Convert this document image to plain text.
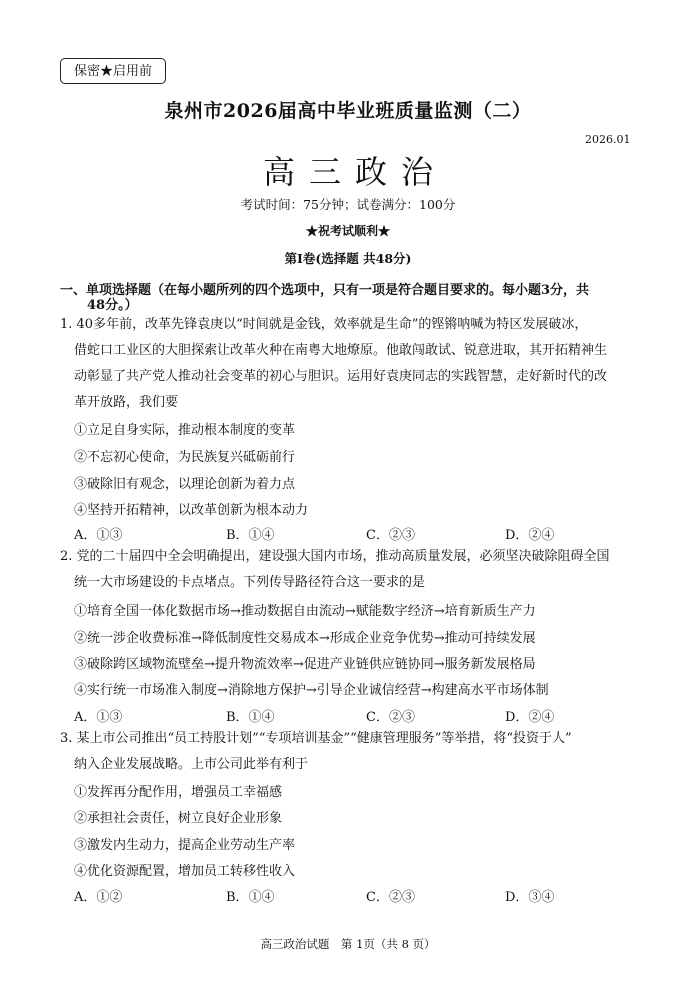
保密★启用前
泉州市2026届高中毕业班质量监测（二）
2026.01
高三政治
考试时间：75分钟；试卷满分：100分
★祝考试顺利★
第Ⅰ卷(选择题 共48分)
一、单项选择题（在每小题所列的四个选项中，只有一项是符合题目要求的。每小题3分，共
48分。）
1. 40多年前，改革先锋袁庚以“时间就是金钱，效率就是生命”的铿锵呐喊为特区发展破冰，
借蛇口工业区的大胆探索让改革火种在南粤大地燎原。他敢闯敢试、锐意进取，其开拓精神生
动彰显了共产党人推动社会变革的初心与胆识。运用好袁庚同志的实践智慧，走好新时代的改
革开放路，我们要
①立足自身实际，推动根本制度的变革
②不忘初心使命，为民族复兴砥砺前行
③破除旧有观念，以理论创新为着力点
④坚持开拓精神，以改革创新为根本动力
A．①③	B．①④	C．②③	D．②④
2. 党的二十届四中全会明确提出，建设强大国内市场，推动高质量发展，必须坚决破除阻碍全国
统一大市场建设的卡点堵点。下列传导路径符合这一要求的是
①培育全国一体化数据市场→推动数据自由流动→赋能数字经济→培育新质生产力
②统一涉企收费标准→降低制度性交易成本→形成企业竞争优势→推动可持续发展
③破除跨区域物流壁垒→提升物流效率→促进产业链供应链协同→服务新发展格局
④实行统一市场准入制度→消除地方保护→引导企业诚信经营→构建高水平市场体制
A．①③	B．①④	C．②③	D．②④
3. 某上市公司推出“员工持股计划”“专项培训基金”“健康管理服务”等举措，将“投资于人”
纳入企业发展战略。上市公司此举有利于
①发挥再分配作用，增强员工幸福感
②承担社会责任，树立良好企业形象
③激发内生动力，提高企业劳动生产率
④优化资源配置，增加员工转移性收入
A．①②	B．①④	C．②③	D．③④
高三政治试题　第 1页（共 8 页）
